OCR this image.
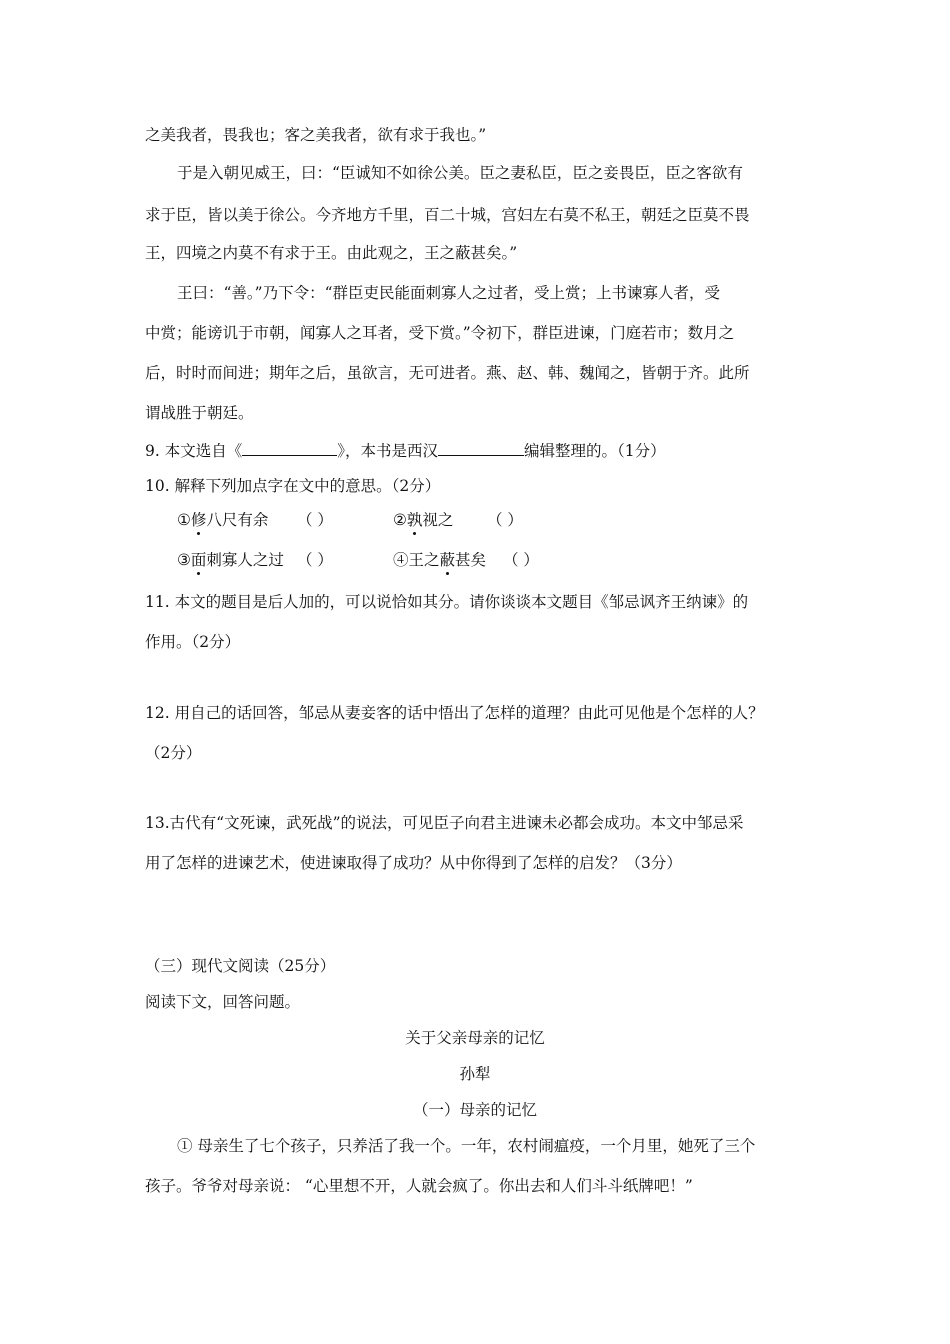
之美我者，畏我也；客之美我者，欲有求于我也。”
于是入朝见威王，曰：“臣诚知不如徐公美。臣之妻私臣，臣之妾畏臣，臣之客欲有
求于臣，皆以美于徐公。今齐地方千里，百二十城，宫妇左右莫不私王，朝廷之臣莫不畏
王，四境之内莫不有求于王。由此观之，王之蔽甚矣。”
王曰：“善。”乃下令：“群臣吏民能面刺寡人之过者，受上赏；上书谏寡人者，受
中赏；能谤讥于市朝，闻寡人之耳者，受下赏。”令初下，群臣进谏，门庭若市；数月之
后，时时而间进；期年之后，虽欲言，无可进者。燕、赵、韩、魏闻之，皆朝于齐。此所
谓战胜于朝廷。
9. 本文选自《	》，本书是西汉	编辑整理的。（1分）
10. 解释下列加点字在文中的意思。（2分）
①修八尺有余 （ ）	②孰视之 （ ）
③面刺寡人之过 （ ）	④王之蔽甚矣 （ ）
11. 本文的题目是后人加的，可以说恰如其分。请你谈谈本文题目《邹忌讽齐王纳谏》的
作用。（2分）
12. 用自己的话回答，邹忌从妻妾客的话中悟出了怎样的道理？由此可见他是个怎样的人？
（2分）
13.古代有“文死谏，武死战”的说法，可见臣子向君主进谏未必都会成功。本文中邹忌采
用了怎样的进谏艺术，使进谏取得了成功？从中你得到了怎样的启发？（3分）
（三）现代文阅读（25分）
阅读下文，回答问题。
关于父亲母亲的记忆
孙犁
（一）母亲的记忆
① 母亲生了七个孩子，只养活了我一个。一年，农村闹瘟疫，一个月里，她死了三个
孩子。爷爷对母亲说： “心里想不开，人就会疯了。你出去和人们斗斗纸牌吧！”
